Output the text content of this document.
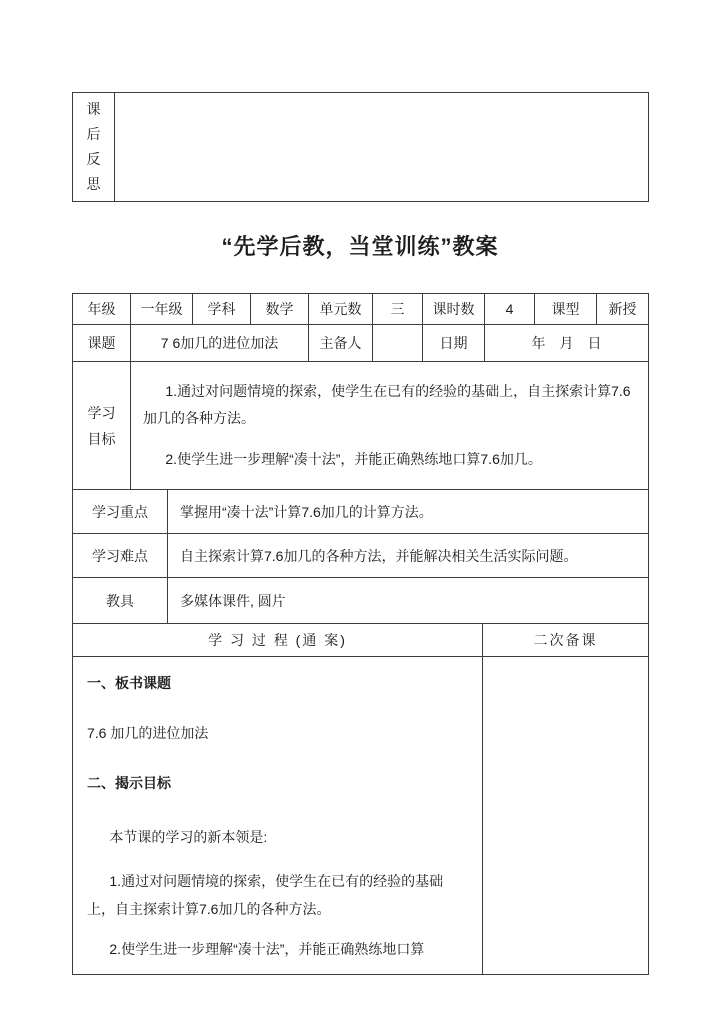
课后反思	
“先学后教，当堂训练”教案
年级	一年级	学科	数学	单元数	三	课时数	4	课型	新授
课题	7 6加几的进位加法			主备人		日期	年　月　日		
学习目标	

1.通过对问题情境的探索，使学生在已有的经验的基础上，自主探索计算7.6加几的各种方法。

2.使学生进一步理解“凑十法”，并能正确熟练地口算7.6加几。

学习重点	掌握用“凑十法”计算7.6加几的计算方法。
学习难点	自主探索计算7.6加几的各种方法，并能解决相关生活实际问题。
教具	多媒体课件, 圆片
学 习 过 程 (通 案)	二次备课

一、板书课题

7.6 加几的进位加法

二、揭示目标

本节课的学习的新本领是:

1.通过对问题情境的探索，使学生在已有的经验的基础上，自主探索计算7.6加几的各种方法。

2.使学生进一步理解“凑十法”，并能正确熟练地口算
